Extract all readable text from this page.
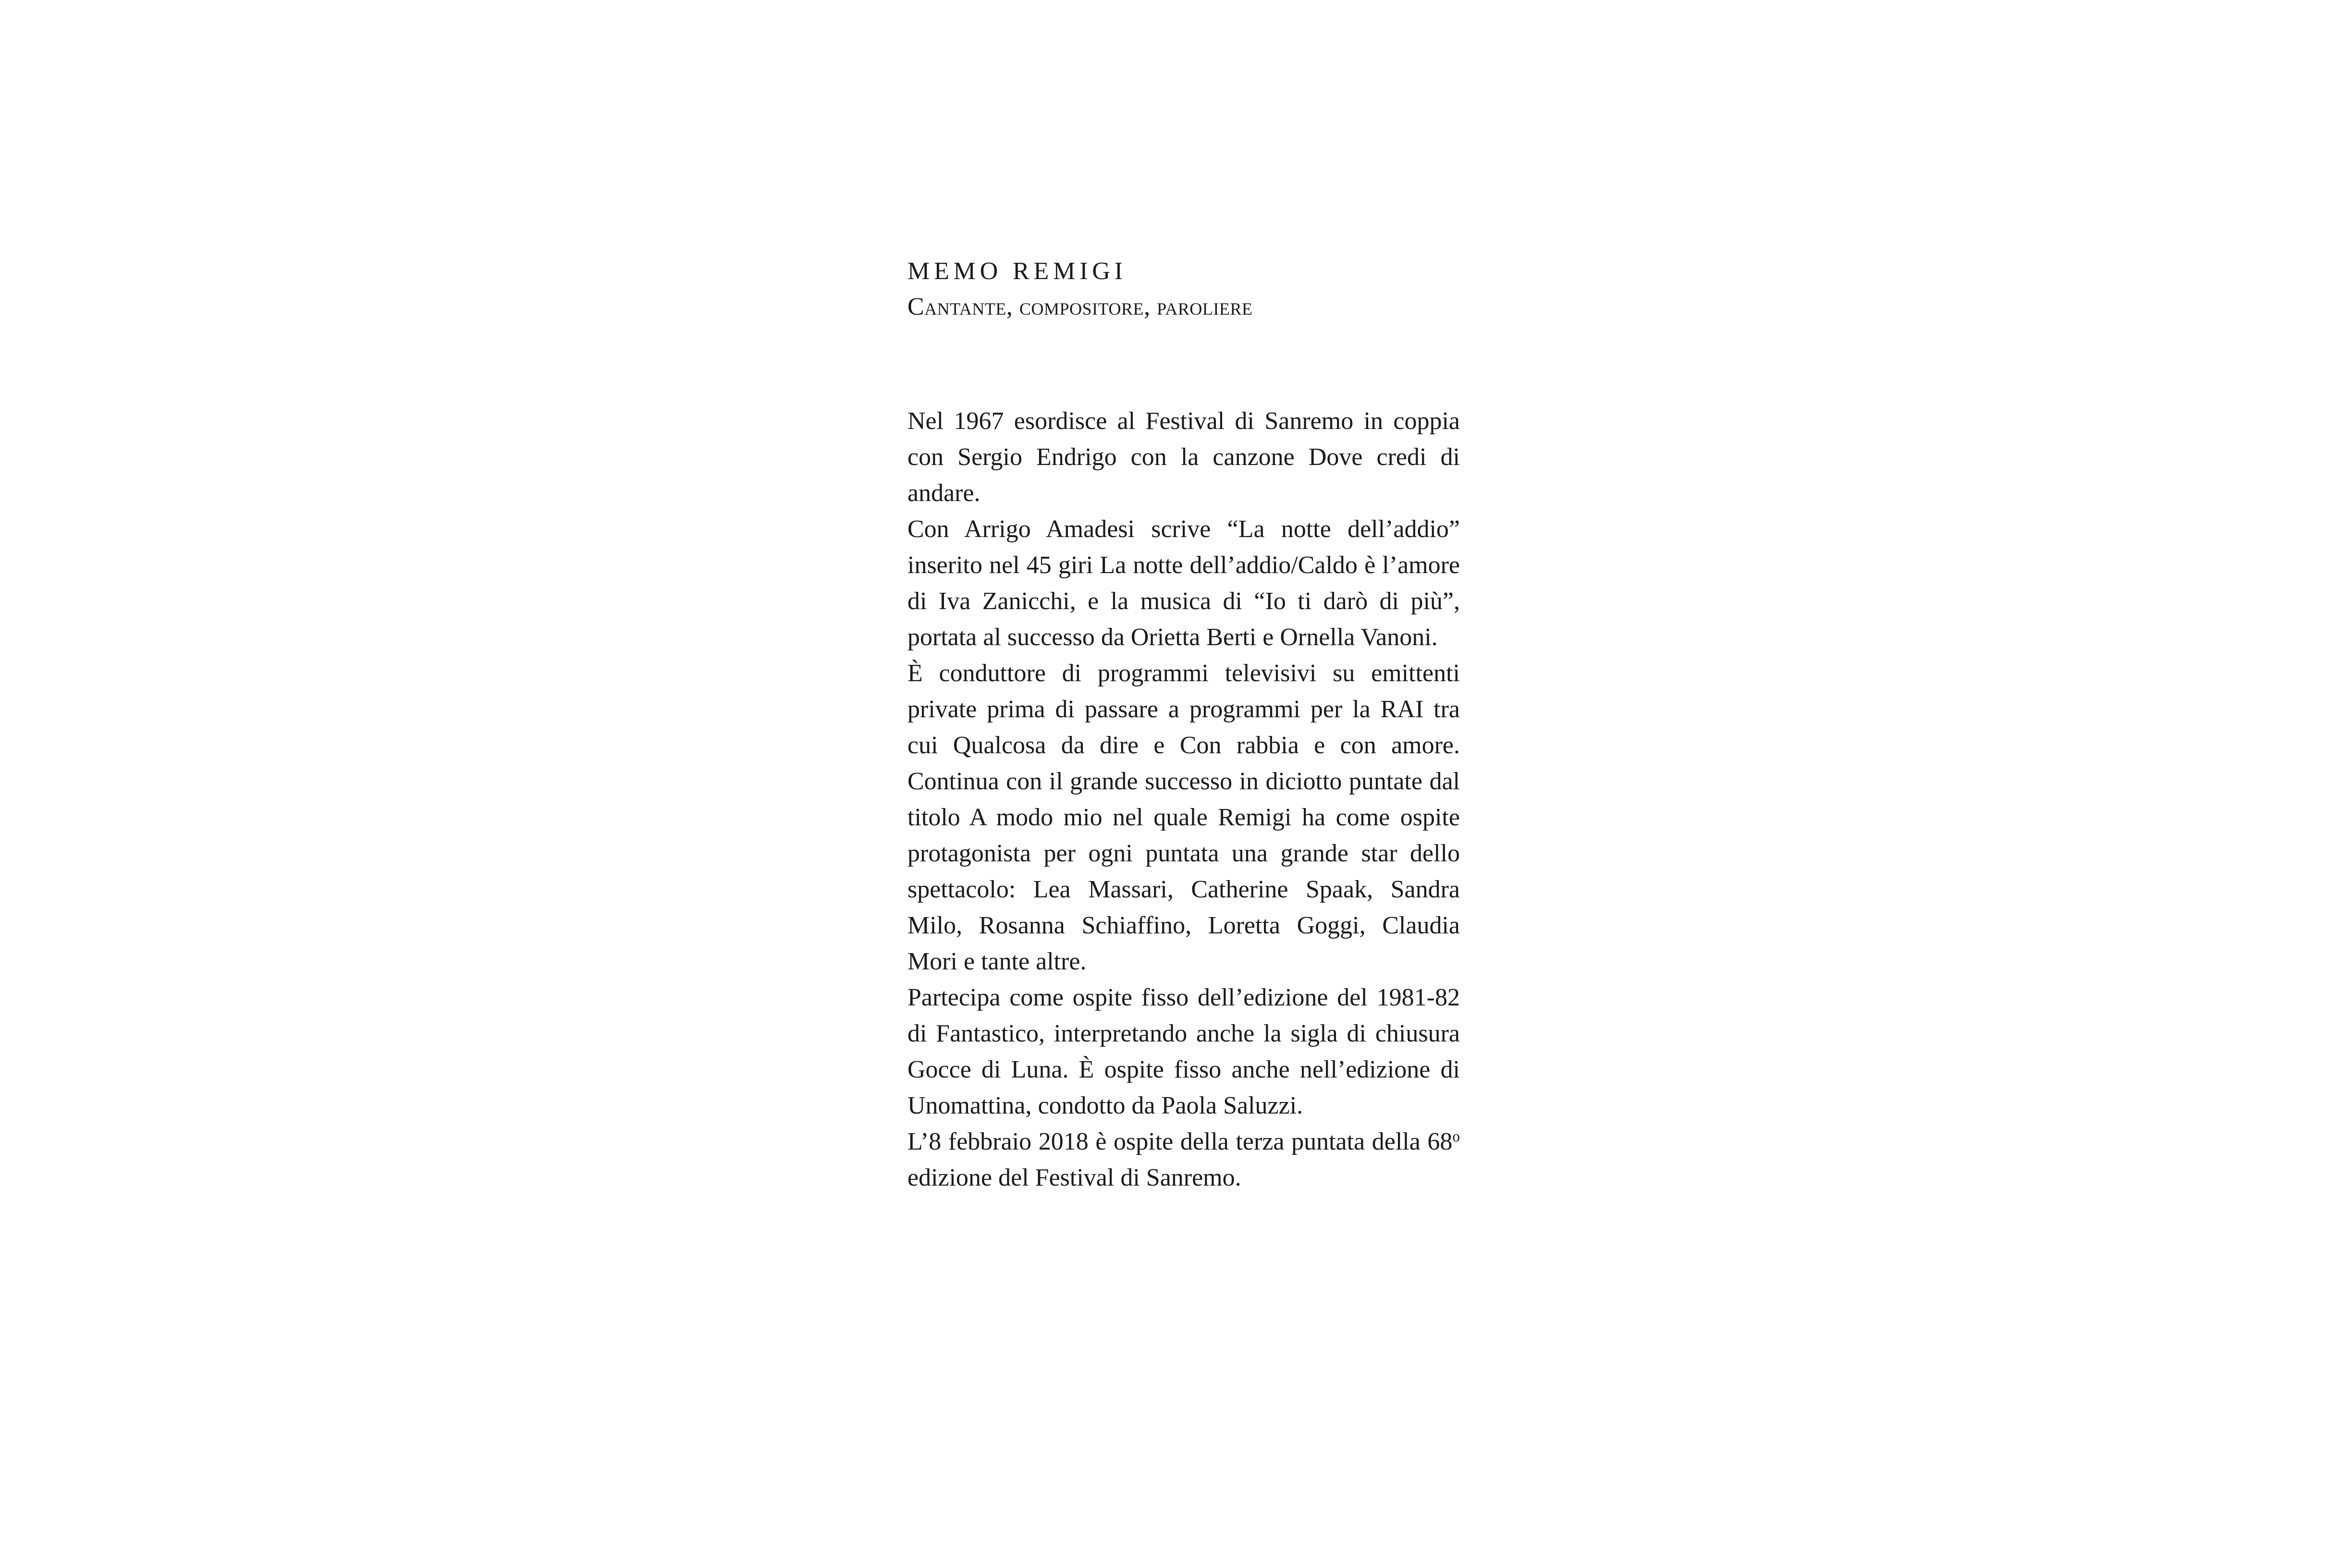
MEMO REMIGI
Cantante, compositore, paroliere

Nel 1967 esordisce al Festival di Sanremo in coppia con Sergio Endrigo con la canzone Dove credi di andare.

Con Arrigo Amadesi scrive “La notte dell’addio” inserito nel 45 giri La notte dell’addio/Caldo è l’amore di Iva Zanicchi, e la musica di “Io ti darò di più”, portata al successo da Orietta Berti e Ornella Vanoni.

È conduttore di programmi televisivi su emittenti private prima di passare a programmi per la RAI tra cui Qualcosa da dire e Con rabbia e con amore. Continua con il grande successo in diciotto puntate dal titolo A modo mio nel quale Remigi ha come ospite protagonista per ogni puntata una grande star dello spettacolo: Lea Massari, Catherine Spaak, Sandra Milo, Rosanna Schiaffino, Loretta Goggi, Claudia Mori e tante altre.

Partecipa come ospite fisso dell’edizione del 1981-82 di Fantastico, interpretando anche la sigla di chiusura Gocce di Luna. È ospite fisso anche nell’edizione di Unomattina, condotto da Paola Saluzzi.

L’8 febbraio 2018 è ospite della terza puntata della 68$^o$ edizione del Festival di Sanremo.
